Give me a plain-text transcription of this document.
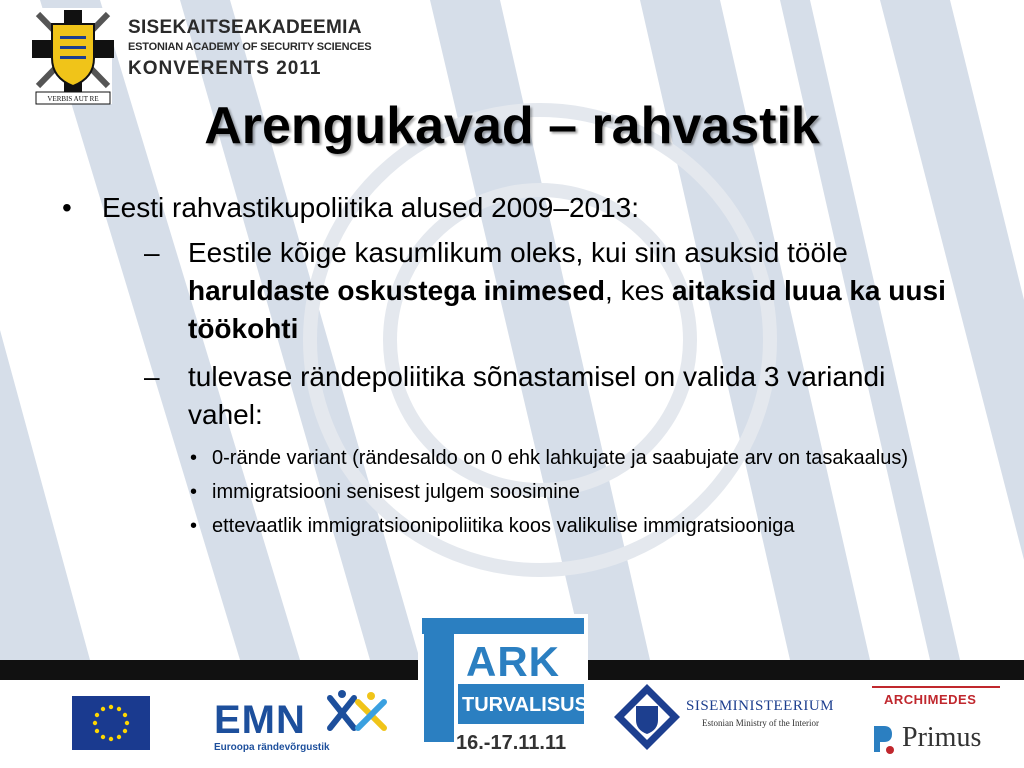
VERBIS AUT RE
SISEKAITSEAKADEEMIA
ESTONIAN ACADEMY OF SECURITY SCIENCES
KONVERENTS 2011
Arengukavad – rahvastik
• Eesti rahvastikupoliitika alused 2009–2013:
– Eestile kõige kasumlikum oleks, kui siin asuksid tööle haruldaste oskustega inimesed, kes aitaksid luua ka uusi töökohti
– tulevase rändepoliitika sõnastamisel on valida 3 variandi vahel:
• 0-rände variant (rändesaldo on 0 ehk lahkujate ja saabujate arv on tasakaalus)
• immigratsiooni senisest julgem soosimine
• ettevaatlik immigratsioonipoliitika koos valikulise immigratsiooniga
EMN
Euroopa rändevõrgustik
SISEMINISTEERIUM
Estonian Ministry of the Interior
ARCHIMEDES
Primus
ARK
TURVALISUS
16.-17.11.11
